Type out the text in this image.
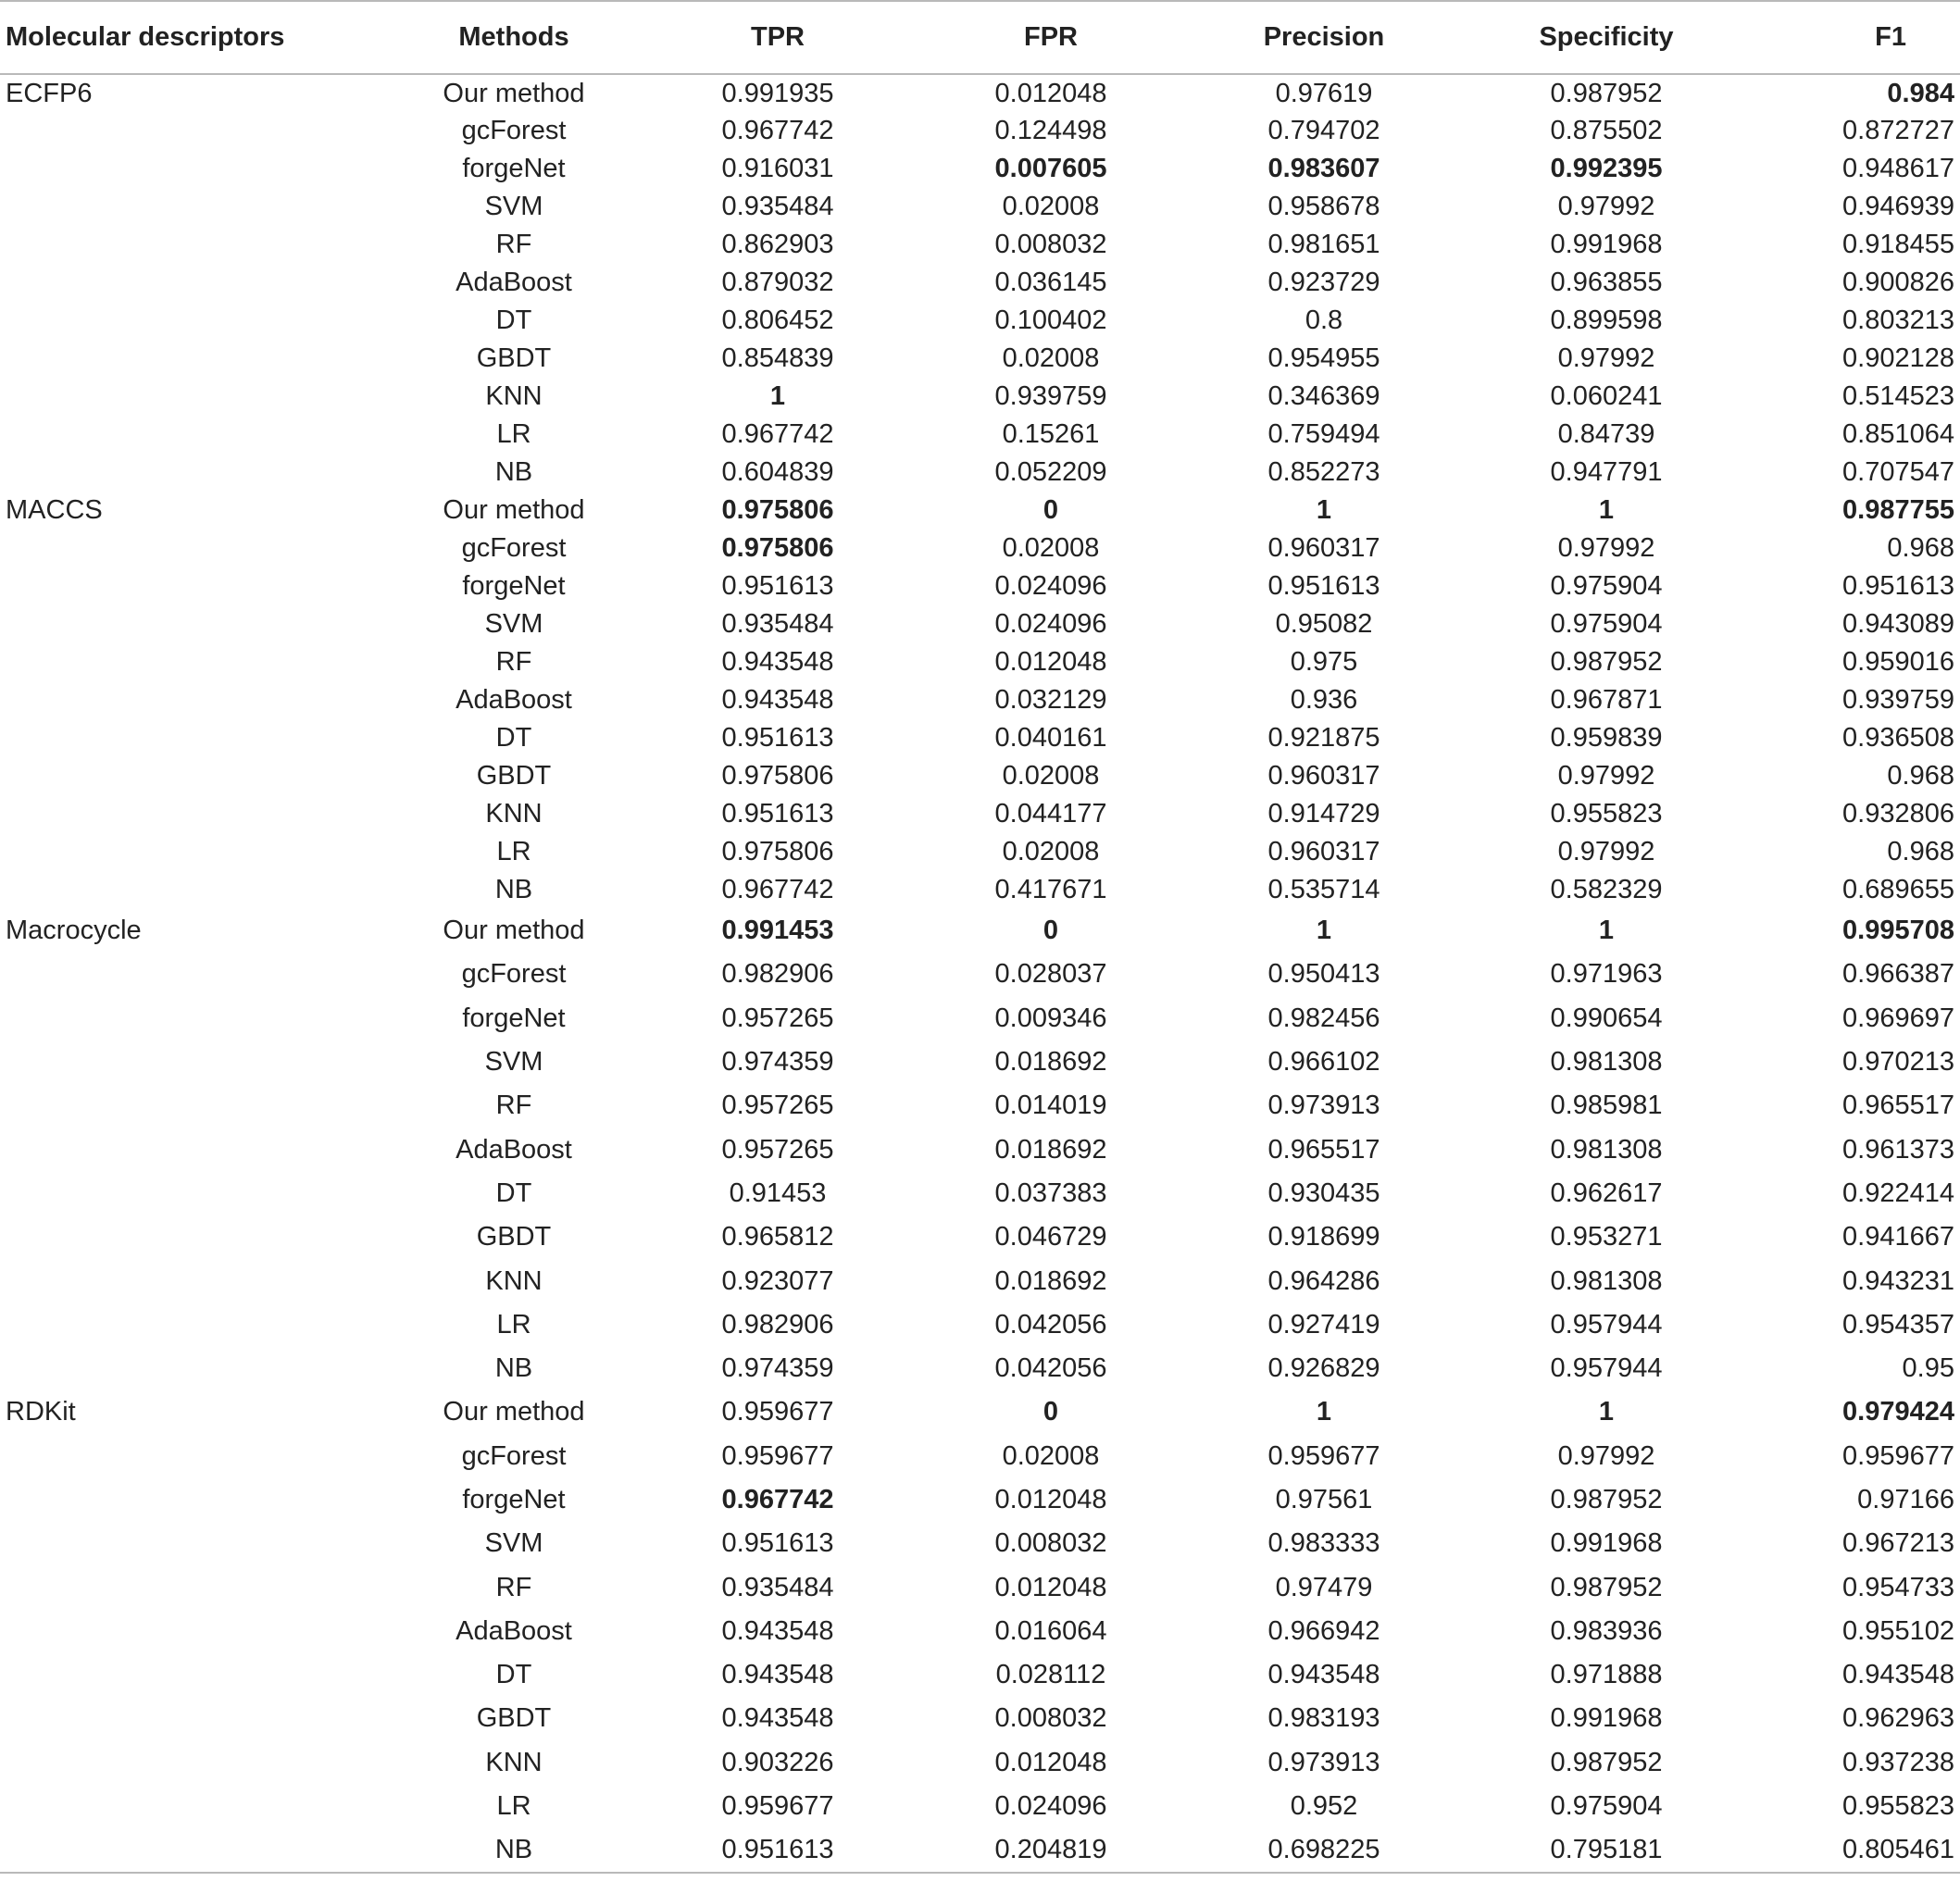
Molecular descriptors	Methods	TPR	FPR	Precision	Specificity	F1
ECFP6	Our method	0.991935	0.012048	0.97619	0.987952	0.984
	gcForest	0.967742	0.124498	0.794702	0.875502	0.872727
	forgeNet	0.916031	0.007605	0.983607	0.992395	0.948617
	SVM	0.935484	0.02008	0.958678	0.97992	0.946939
	RF	0.862903	0.008032	0.981651	0.991968	0.918455
	AdaBoost	0.879032	0.036145	0.923729	0.963855	0.900826
	DT	0.806452	0.100402	0.8	0.899598	0.803213
	GBDT	0.854839	0.02008	0.954955	0.97992	0.902128
	KNN	1	0.939759	0.346369	0.060241	0.514523
	LR	0.967742	0.15261	0.759494	0.84739	0.851064
	NB	0.604839	0.052209	0.852273	0.947791	0.707547
MACCS	Our method	0.975806	0	1	1	0.987755
	gcForest	0.975806	0.02008	0.960317	0.97992	0.968
	forgeNet	0.951613	0.024096	0.951613	0.975904	0.951613
	SVM	0.935484	0.024096	0.95082	0.975904	0.943089
	RF	0.943548	0.012048	0.975	0.987952	0.959016
	AdaBoost	0.943548	0.032129	0.936	0.967871	0.939759
	DT	0.951613	0.040161	0.921875	0.959839	0.936508
	GBDT	0.975806	0.02008	0.960317	0.97992	0.968
	KNN	0.951613	0.044177	0.914729	0.955823	0.932806
	LR	0.975806	0.02008	0.960317	0.97992	0.968
	NB	0.967742	0.417671	0.535714	0.582329	0.689655
Macrocycle	Our method	0.991453	0	1	1	0.995708
	gcForest	0.982906	0.028037	0.950413	0.971963	0.966387
	forgeNet	0.957265	0.009346	0.982456	0.990654	0.969697
	SVM	0.974359	0.018692	0.966102	0.981308	0.970213
	RF	0.957265	0.014019	0.973913	0.985981	0.965517
	AdaBoost	0.957265	0.018692	0.965517	0.981308	0.961373
	DT	0.91453	0.037383	0.930435	0.962617	0.922414
	GBDT	0.965812	0.046729	0.918699	0.953271	0.941667
	KNN	0.923077	0.018692	0.964286	0.981308	0.943231
	LR	0.982906	0.042056	0.927419	0.957944	0.954357
	NB	0.974359	0.042056	0.926829	0.957944	0.95
RDKit	Our method	0.959677	0	1	1	0.979424
	gcForest	0.959677	0.02008	0.959677	0.97992	0.959677
	forgeNet	0.967742	0.012048	0.97561	0.987952	0.97166
	SVM	0.951613	0.008032	0.983333	0.991968	0.967213
	RF	0.935484	0.012048	0.97479	0.987952	0.954733
	AdaBoost	0.943548	0.016064	0.966942	0.983936	0.955102
	DT	0.943548	0.028112	0.943548	0.971888	0.943548
	GBDT	0.943548	0.008032	0.983193	0.991968	0.962963
	KNN	0.903226	0.012048	0.973913	0.987952	0.937238
	LR	0.959677	0.024096	0.952	0.975904	0.955823
	NB	0.951613	0.204819	0.698225	0.795181	0.805461
